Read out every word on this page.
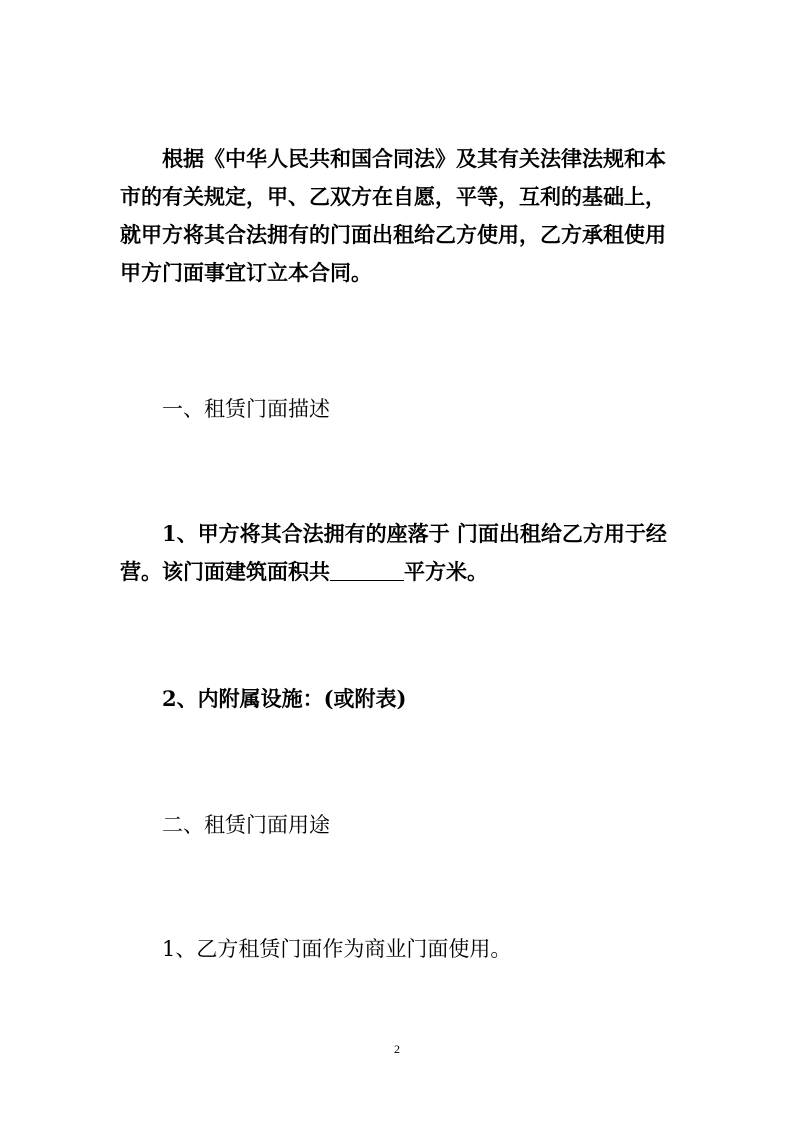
根据《中华人民共和国合同法》及其有关法律法规和本市的有关规定，甲、乙双方在自愿，平等，互利的基础上，就甲方将其合法拥有的门面出租给乙方使用，乙方承租使用甲方门面事宜订立本合同。

一、租赁门面描述

1、甲方将其合法拥有的座落于 门面出租给乙方用于经营。该门面建筑面积共	平方米。

2、内附属设施：(或附表)

二、租赁门面用途

1、乙方租赁门面作为商业门面使用。

2
